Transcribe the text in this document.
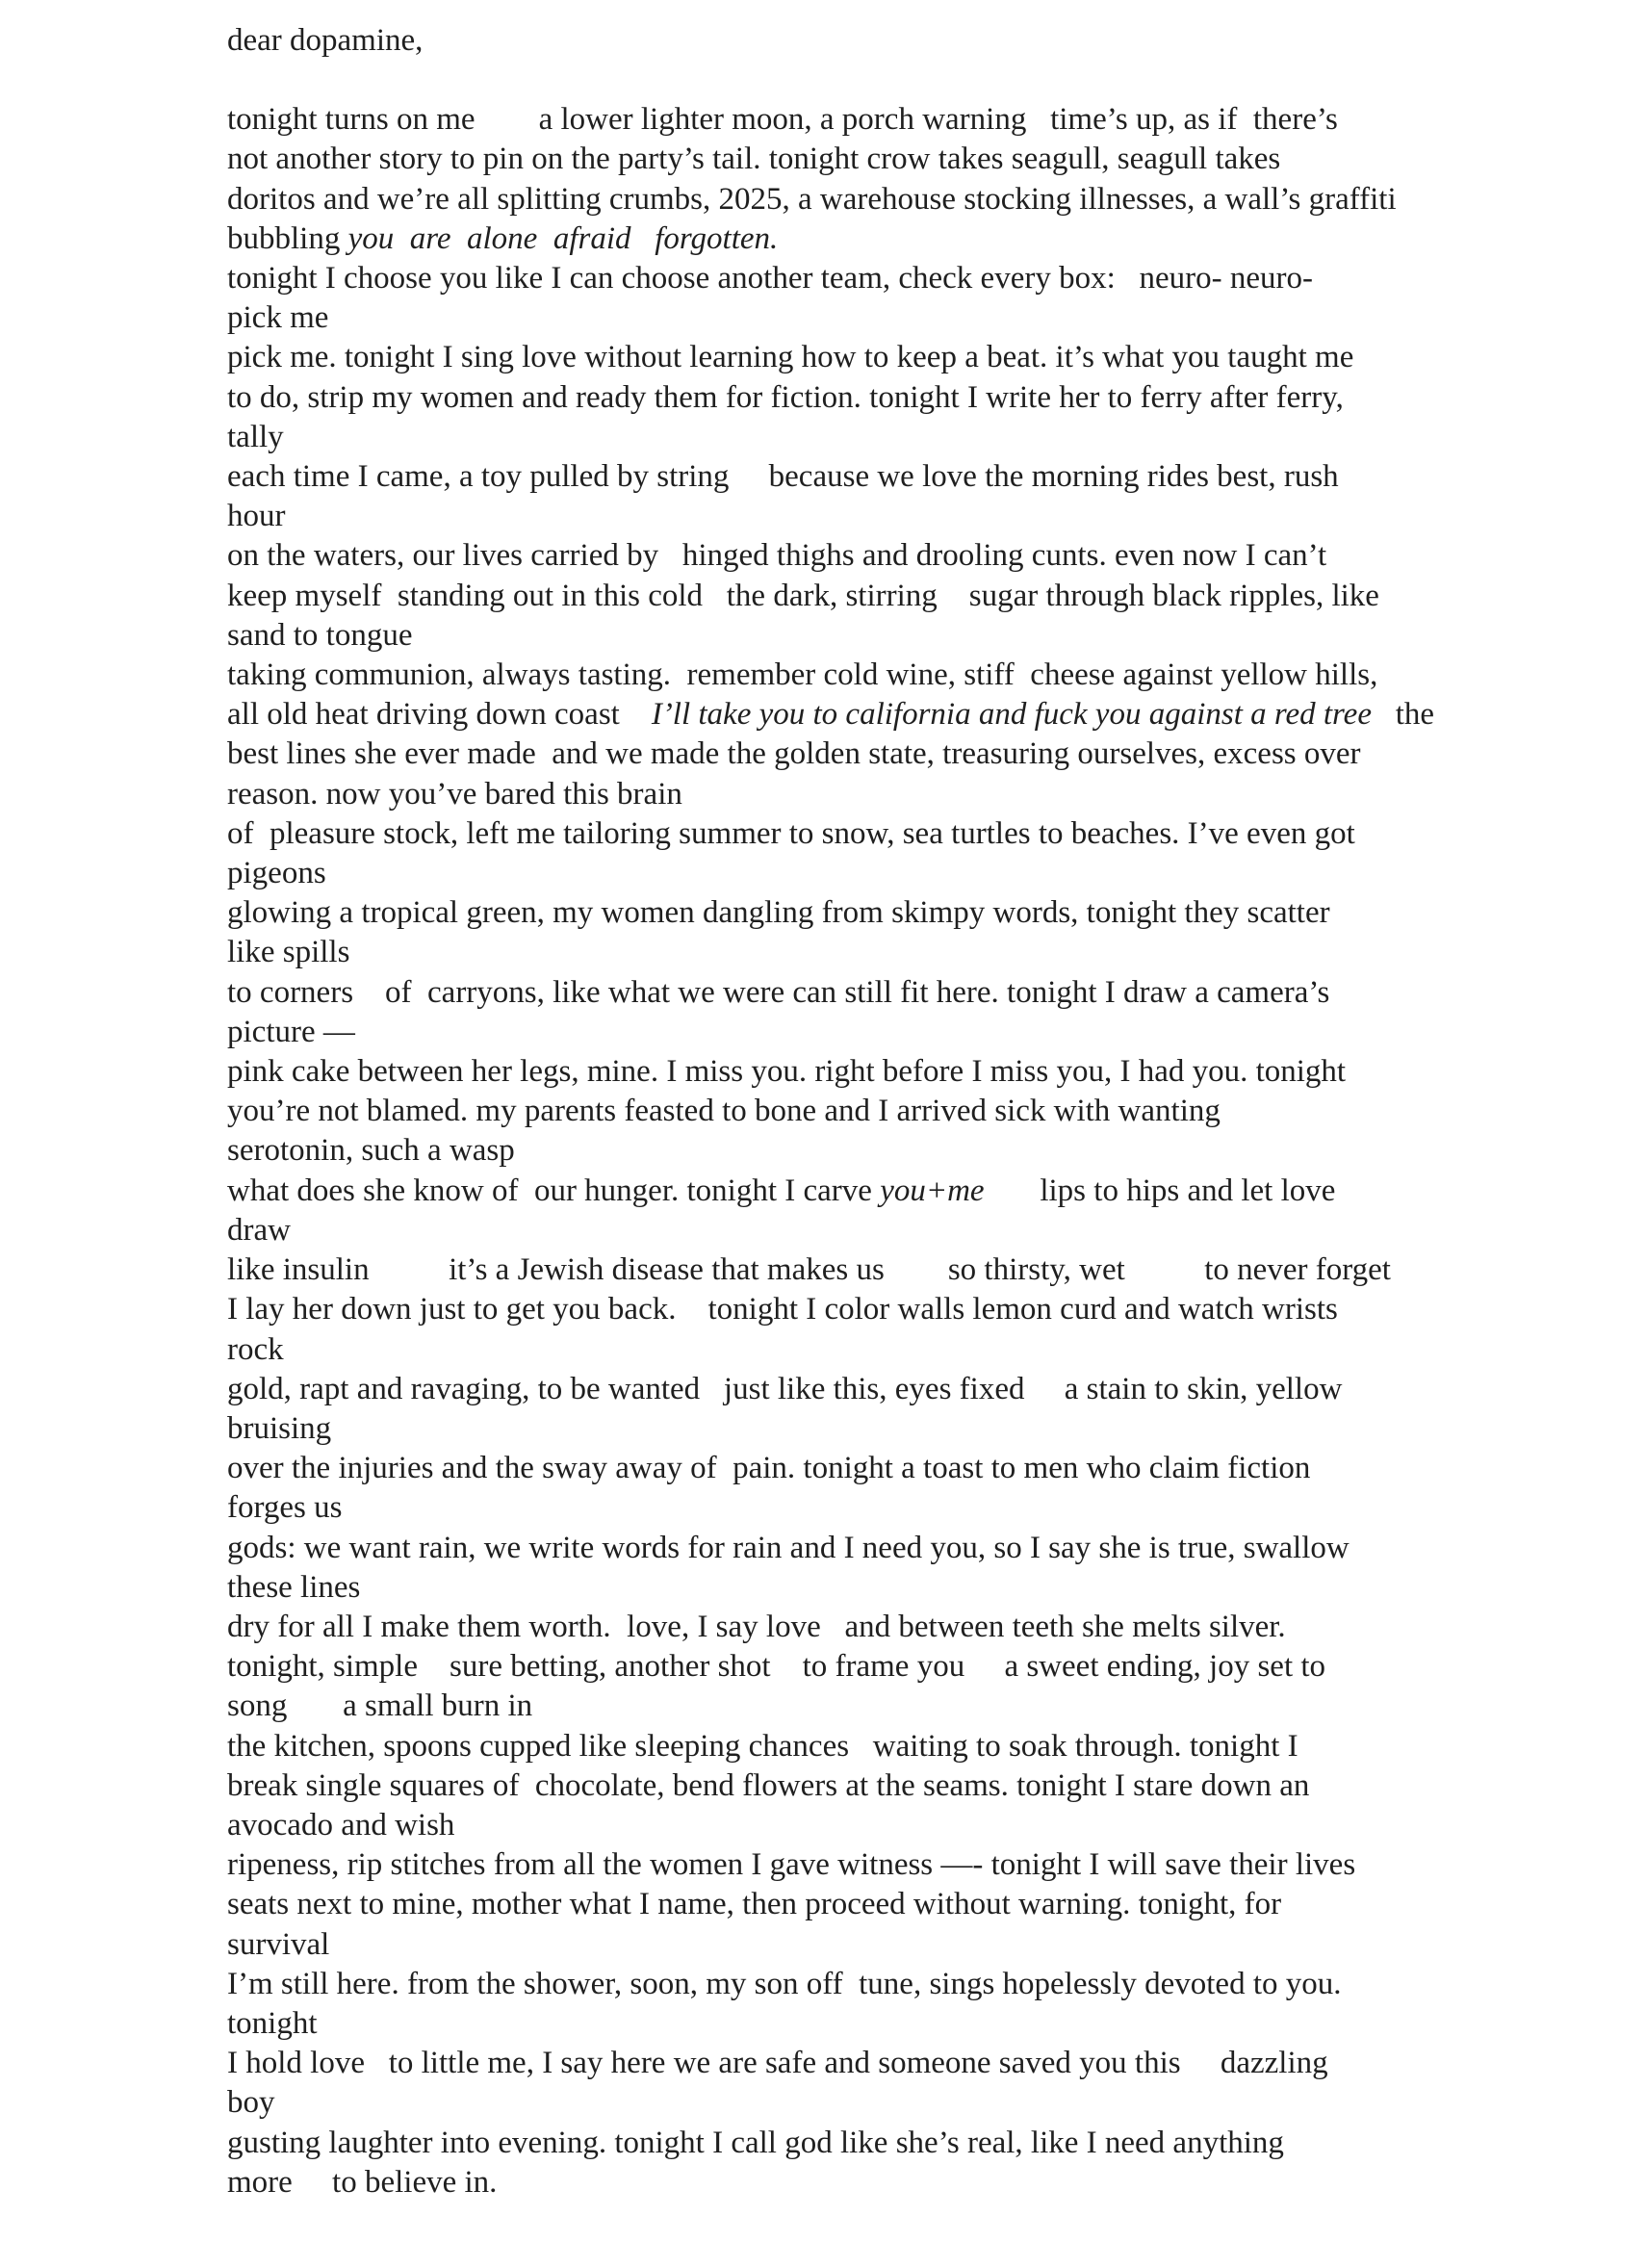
dear dopamine,
tonight turns on me        a lower lighter moon, a porch warning   time’s up, as if  there’s
not another story to pin on the party’s tail. tonight crow takes seagull, seagull takes
doritos and we’re all splitting crumbs, 2025, a warehouse stocking illnesses, a wall’s graffiti
bubbling you  are  alone  afraid   forgotten.
tonight I choose you like I can choose another team, check every box:   neuro- neuro-
pick me
pick me. tonight I sing love without learning how to keep a beat. it’s what you taught me
to do, strip my women and ready them for fiction. tonight I write her to ferry after ferry,
tally
each time I came, a toy pulled by string     because we love the morning rides best, rush
hour
on the waters, our lives carried by   hinged thighs and drooling cunts. even now I can’t
keep myself  standing out in this cold   the dark, stirring    sugar through black ripples, like
sand to tongue
taking communion, always tasting.  remember cold wine, stiff  cheese against yellow hills,
all old heat driving down coast    I’ll take you to california and fuck you against a red tree   the
best lines she ever made  and we made the golden state, treasuring ourselves, excess over
reason. now you’ve bared this brain
of  pleasure stock, left me tailoring summer to snow, sea turtles to beaches. I’ve even got
pigeons
glowing a tropical green, my women dangling from skimpy words, tonight they scatter
like spills
to corners    of  carryons, like what we were can still fit here. tonight I draw a camera’s
picture —
pink cake between her legs, mine. I miss you. right before I miss you, I had you. tonight
you’re not blamed. my parents feasted to bone and I arrived sick with wanting
serotonin, such a wasp
what does she know of  our hunger. tonight I carve you+me       lips to hips and let love
draw
like insulin          it’s a Jewish disease that makes us        so thirsty, wet          to never forget
I lay her down just to get you back.    tonight I color walls lemon curd and watch wrists
rock
gold, rapt and ravaging, to be wanted   just like this, eyes fixed     a stain to skin, yellow
bruising
over the injuries and the sway away of  pain. tonight a toast to men who claim fiction
forges us
gods: we want rain, we write words for rain and I need you, so I say she is true, swallow
these lines
dry for all I make them worth.  love, I say love   and between teeth she melts silver.
tonight, simple    sure betting, another shot    to frame you     a sweet ending, joy set to
song       a small burn in
the kitchen, spoons cupped like sleeping chances   waiting to soak through. tonight I
break single squares of  chocolate, bend flowers at the seams. tonight I stare down an
avocado and wish
ripeness, rip stitches from all the women I gave witness —- tonight I will save their lives
seats next to mine, mother what I name, then proceed without warning. tonight, for
survival
I’m still here. from the shower, soon, my son off  tune, sings hopelessly devoted to you.
tonight
I hold love   to little me, I say here we are safe and someone saved you this     dazzling
boy
gusting laughter into evening. tonight I call god like she’s real, like I need anything
more     to believe in.
